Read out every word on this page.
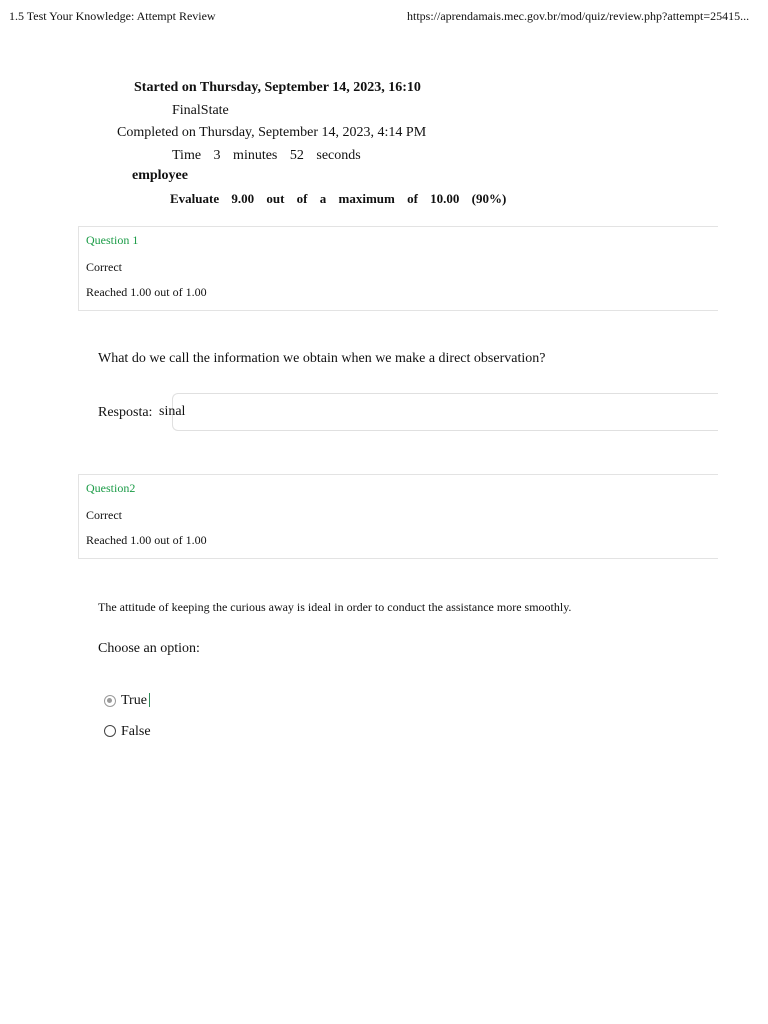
1.5 Test Your Knowledge: Attempt Review	https://aprendamais.mec.gov.br/mod/quiz/review.php?attempt=25415...
Started on Thursday, September 14, 2023, 16:10
FinalState
Completed on Thursday, September 14, 2023, 4:14 PM
Time 3 minutes 52 seconds
employee
Evaluate 9.00 out of a maximum of 10.00 (90%)
Question 1
Correct
Reached 1.00 out of 1.00
What do we call the information we obtain when we make a direct observation?
Resposta: sinal
Question2
Correct
Reached 1.00 out of 1.00
The attitude of keeping the curious away is ideal in order to conduct the assistance more smoothly.
Choose an option:
True
False
